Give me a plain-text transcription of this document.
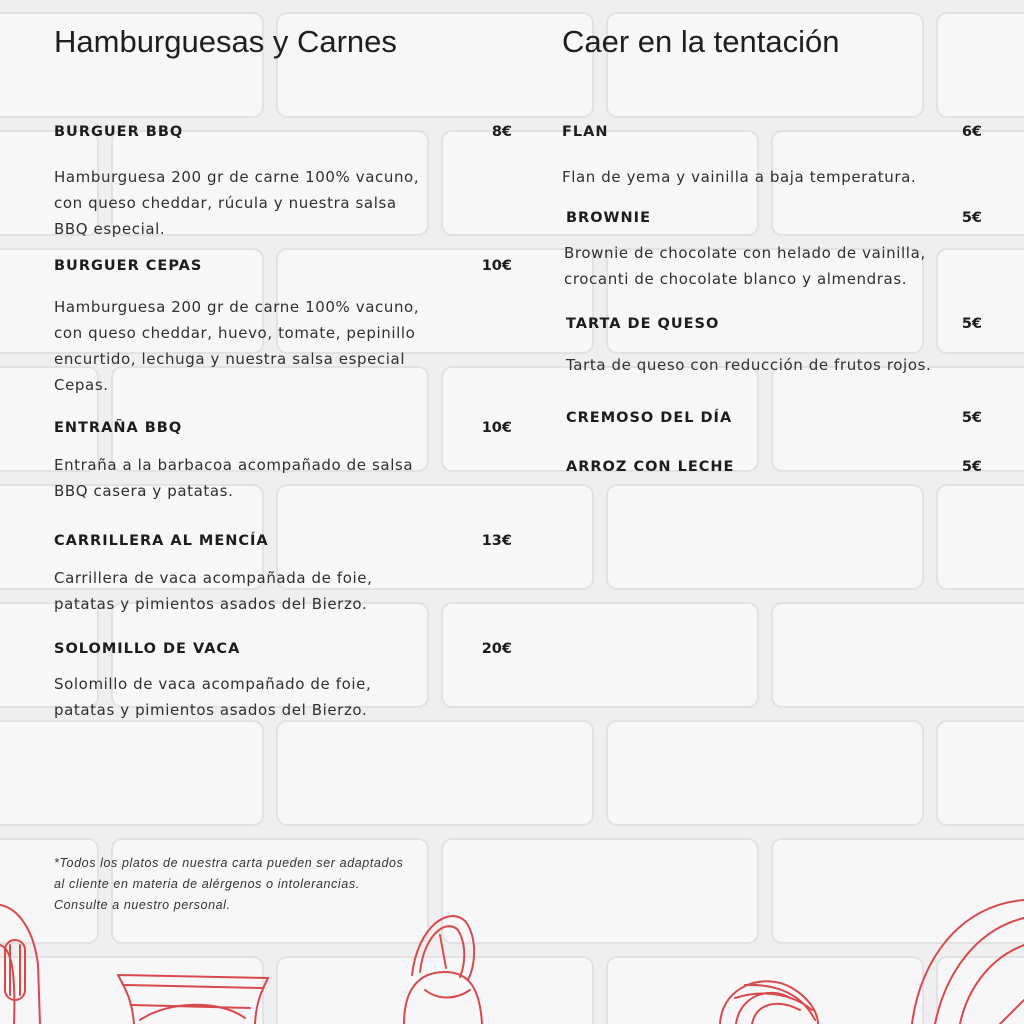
Hamburguesas y Carnes
BURGUER BBQ	8€
Hamburguesa 200 gr de carne 100% vacuno,
con queso cheddar, rúcula y nuestra salsa
BBQ especial.
BURGUER CEPAS	10€
Hamburguesa 200 gr de carne 100% vacuno,
con queso cheddar, huevo, tomate, pepinillo
encurtido, lechuga y nuestra salsa especial
Cepas.
ENTRAÑA BBQ	10€
Entraña a la barbacoa acompañado de salsa
BBQ casera y patatas.
CARRILLERA AL MENCÍA	13€
Carrillera de vaca acompañada de foie,
patatas y pimientos asados del Bierzo.
SOLOMILLO DE VACA	20€
Solomillo de vaca acompañado de foie,
patatas y pimientos asados del Bierzo.
Caer en la tentación
FLAN	6€
Flan de yema y vainilla a baja temperatura.
BROWNIE	5€
Brownie de chocolate con helado de vainilla,
crocanti de chocolate blanco y almendras.
TARTA DE QUESO	5€
Tarta de queso con reducción de frutos rojos.
CREMOSO DEL DÍA	5€
ARROZ CON LECHE	5€
*Todos los platos de nuestra carta pueden ser adaptados
al cliente en materia de alérgenos o intolerancias.
Consulte a nuestro personal.
